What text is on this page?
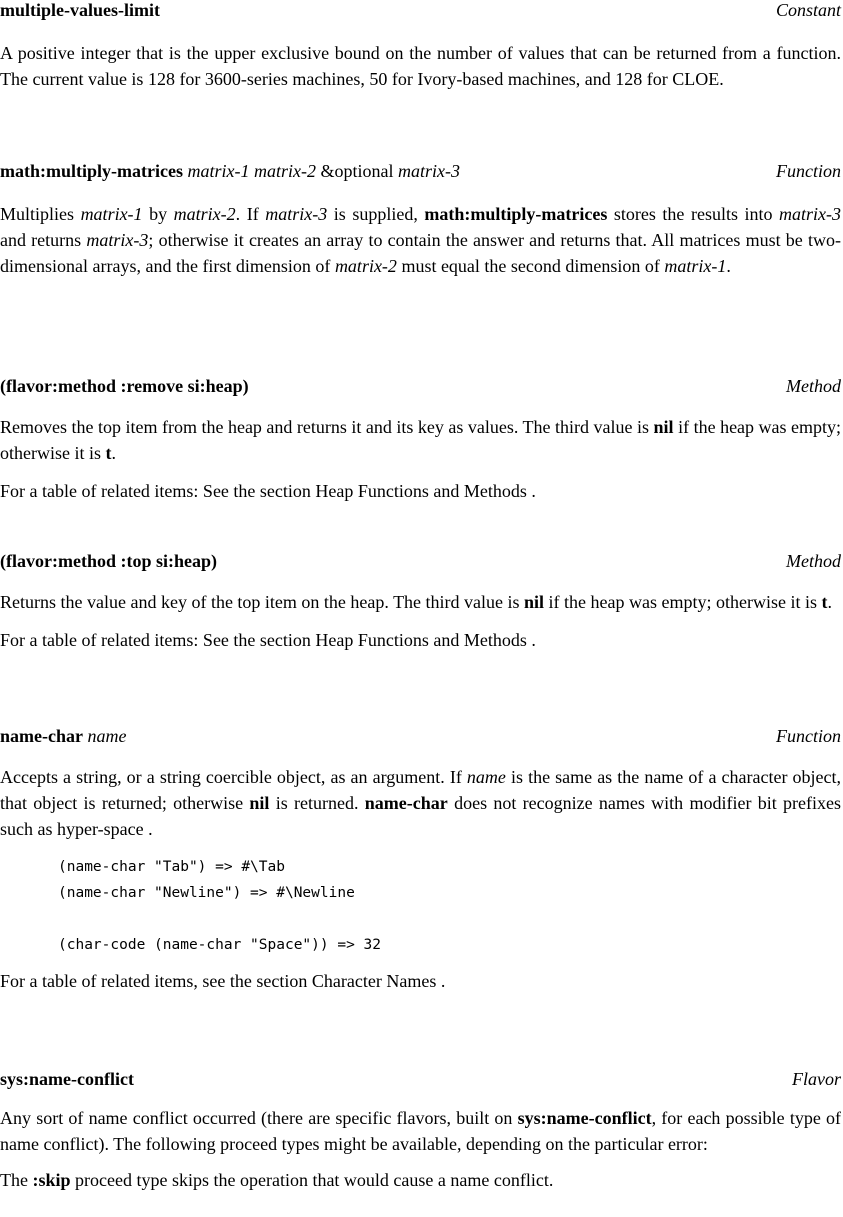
multiple-values-limit	Constant

A positive integer that is the upper exclusive bound on the number of values that can be returned from a function. The current value is 128 for 3600-series machines, 50 for Ivory-based machines, and 128 for CLOE.

math:multiply-matrices matrix-1 matrix-2 &optional matrix-3	Function

Multiplies matrix-1 by matrix-2. If matrix-3 is supplied, math:multiply-matrices stores the results into matrix-3 and returns matrix-3; otherwise it creates an array to contain the answer and returns that. All matrices must be two-dimensional arrays, and the first dimension of matrix-2 must equal the second dimension of matrix-1.

(flavor:method :remove si:heap)	Method

Removes the top item from the heap and returns it and its key as values. The third value is nil if the heap was empty; otherwise it is t.

For a table of related items: See the section Heap Functions and Methods .

(flavor:method :top si:heap)	Method

Returns the value and key of the top item on the heap. The third value is nil if the heap was empty; otherwise it is t.

For a table of related items: See the section Heap Functions and Methods .

name-char name	Function

Accepts a string, or a string coercible object, as an argument. If name is the same as the name of a character object, that object is returned; otherwise nil is returned. name-char does not recognize names with modifier bit prefixes such as hyper-space .

(name-char "Tab") => #\Tab
(name-char "Newline") => #\Newline
(char-code (name-char "Space")) => 32

For a table of related items, see the section Character Names .

sys:name-conflict	Flavor

Any sort of name conflict occurred (there are specific flavors, built on sys:name-conflict, for each possible type of name conflict). The following proceed types might be available, depending on the particular error:

The :skip proceed type skips the operation that would cause a name conflict.
